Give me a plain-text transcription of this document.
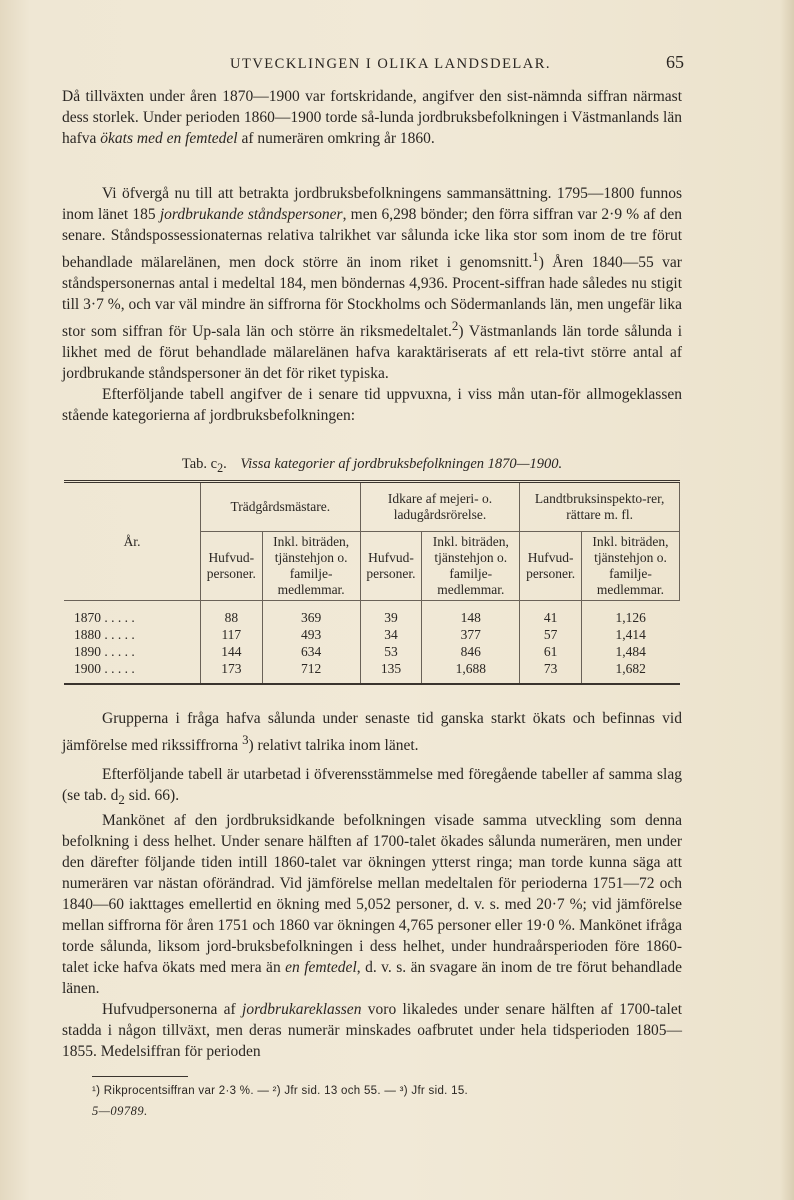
UTVECKLINGEN I OLIKA LANDSDELAR.	65

Då tillväxten under åren 1870—1900 var fortskridande, angifver den sist-nämnda siffran närmast dess storlek. Under perioden 1860—1900 torde så-lunda jordbruksbefolkningen i Västmanlands län hafva ökats med en femtedel af numerären omkring år 1860.

Vi öfvergå nu till att betrakta jordbruksbefolkningens sammansättning. 1795—1800 funnos inom länet 185 jordbrukande ståndspersoner, men 6,298 bönder; den förra siffran var 2·9 % af den senare. Ståndspossessionaternas relativa talrikhet var sålunda icke lika stor som inom de tre förut behandlade mälarelänen, men dock större än inom riket i genomsnitt.$^1$) Åren 1840—55 var ståndspersonernas antal i medeltal 184, men böndernas 4,936. Procent-siffran hade således nu stigit till 3·7 %, och var väl mindre än siffrorna för Stockholms och Södermanlands län, men ungefär lika stor som siffran för Up-sala län och större än riksmedeltalet.$^2$) Västmanlands län torde sålunda i likhet med de förut behandlade mälarelänen hafva karaktäriserats af ett rela-tivt större antal af jordbrukande ståndspersoner än det för riket typiska.

Efterföljande tabell angifver de i senare tid uppvuxna, i viss mån utan-för allmogeklassen stående kategorierna af jordbruksbefolkningen:

Tab. $c_2$. Vissa kategorier af jordbruksbefolkningen 1870—1900.
År.	Trädgårdsmästare.		Idkare af mejeri- o. ladugårdsrörelse.		Landtbruksinspekto-rer, rättare m. fl.	
	Hufvud-personer.	Inkl. biträden, tjänstehjon o. familje-medlemmar.	Hufvud-personer.	Inkl. biträden, tjänstehjon o. familje-medlemmar.	Hufvud-personer.	Inkl. biträden, tjänstehjon o. familje-medlemmar.
1870 . . . . .	88	369	39	148	41	1,126
1880 . . . . .	117	493	34	377	57	1,414
1890 . . . . .	144	634	53	846	61	1,484
1900 . . . . .	173	712	135	1,688	73	1,682

Grupperna i fråga hafva sålunda under senaste tid ganska starkt ökats och befinnas vid jämförelse med rikssiffrorna $^3$) relativt talrika inom länet.

Efterföljande tabell är utarbetad i öfverensstämmelse med föregående tabeller af samma slag (se tab. $d_2$ sid. 66).

Mankönet af den jordbruksidkande befolkningen visade samma utveckling som denna befolkning i dess helhet. Under senare hälften af 1700-talet ökades sålunda numerären, men under den därefter följande tiden intill 1860-talet var ökningen ytterst ringa; man torde kunna säga att numerären var nästan oförändrad. Vid jämförelse mellan medeltalen för perioderna 1751—72 och 1840—60 iakttages emellertid en ökning med 5,052 personer, d. v. s. med 20·7 %; vid jämförelse mellan siffrorna för åren 1751 och 1860 var ökningen 4,765 personer eller 19·0 %. Mankönet ifråga torde sålunda, liksom jord-bruksbefolkningen i dess helhet, under hundraårsperioden före 1860-talet icke hafva ökats med mera än en femtedel, d. v. s. än svagare än inom de tre förut behandlade länen.

Hufvudpersonerna af jordbrukareklassen voro likaledes under senare hälften af 1700-talet stadda i någon tillväxt, men deras numerär minskades oafbrutet under hela tidsperioden 1805—1855. Medelsiffran för perioden

¹) Rikprocentsiffran var 2·3 %. — ²) Jfr sid. 13 och 55. — ³) Jfr sid. 15.
5—09789.
